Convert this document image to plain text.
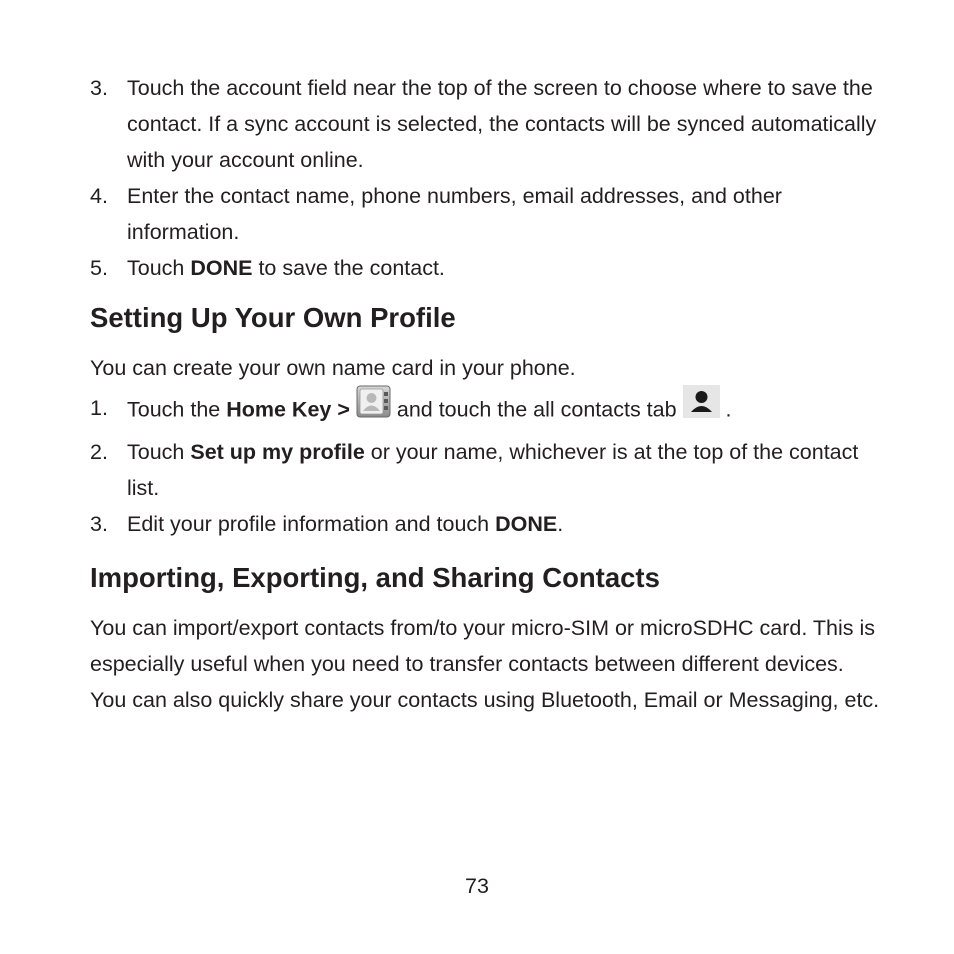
3. Touch the account field near the top of the screen to choose where to save the contact. If a sync account is selected, the contacts will be synced automatically with your account online.
4. Enter the contact name, phone numbers, email addresses, and other information.
5. Touch DONE to save the contact.
Setting Up Your Own Profile

You can create your own name card in your phone.

1. Touch the Home Key >  and touch the all contacts tab  .
2. Touch Set up my profile or your name, whichever is at the top of the contact list.
3. Edit your profile information and touch DONE.
Importing, Exporting, and Sharing Contacts

You can import/export contacts from/to your micro-SIM or microSDHC card. This is especially useful when you need to transfer contacts between different devices. You can also quickly share your contacts using Bluetooth, Email or Messaging, etc.

73
